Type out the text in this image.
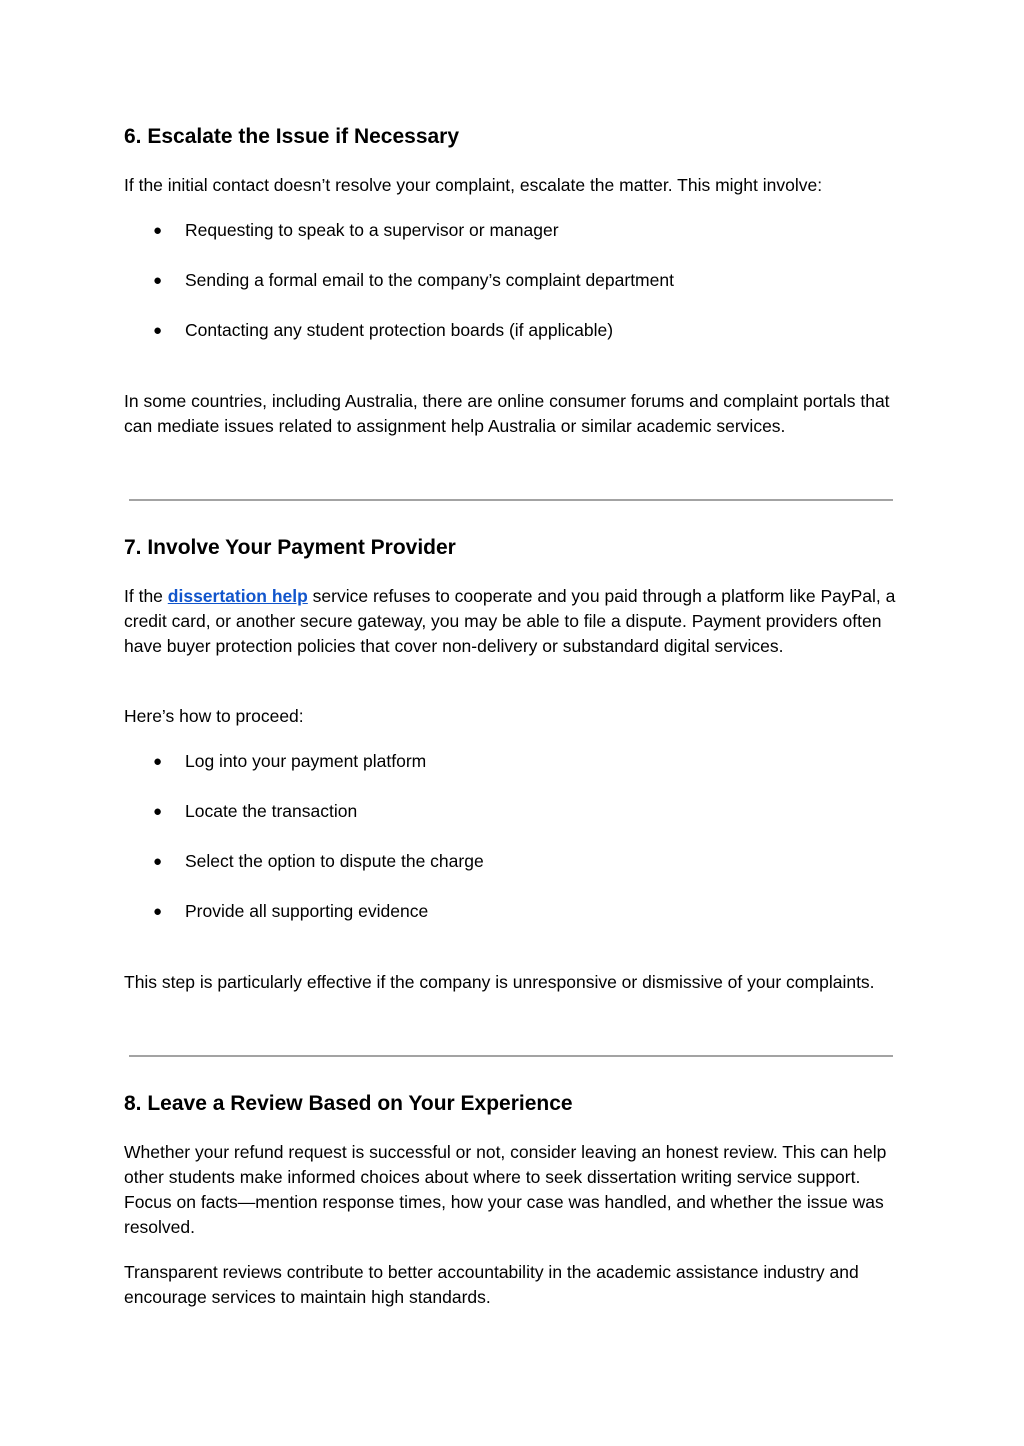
6. Escalate the Issue if Necessary

If the initial contact doesn’t resolve your complaint, escalate the matter. This might involve:

● Requesting to speak to a supervisor or manager
● Sending a formal email to the company’s complaint department
● Contacting any student protection boards (if applicable)

In some countries, including Australia, there are online consumer forums and complaint portals that can mediate issues related to assignment help Australia or similar academic services.

7. Involve Your Payment Provider

If the dissertation help service refuses to cooperate and you paid through a platform like PayPal, a credit card, or another secure gateway, you may be able to file a dispute. Payment providers often have buyer protection policies that cover non-delivery or substandard digital services.

Here’s how to proceed:

● Log into your payment platform
● Locate the transaction
● Select the option to dispute the charge
● Provide all supporting evidence

This step is particularly effective if the company is unresponsive or dismissive of your complaints.

8. Leave a Review Based on Your Experience

Whether your refund request is successful or not, consider leaving an honest review. This can help other students make informed choices about where to seek dissertation writing service support. Focus on facts—mention response times, how your case was handled, and whether the issue was resolved.

Transparent reviews contribute to better accountability in the academic assistance industry and encourage services to maintain high standards.
